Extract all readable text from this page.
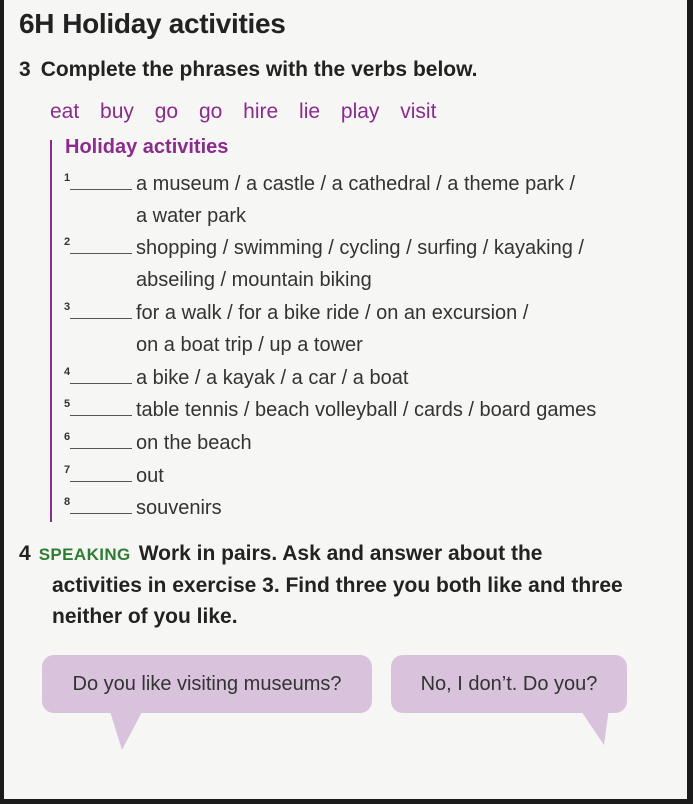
6H Holiday activities
3 Complete the phrases with the verbs below.
eat buy go go hire lie play visit
Holiday activities
1	a museum / a castle / a cathedral / a theme park /
a water park
2	shopping / swimming / cycling / surfing / kayaking /
abseiling / mountain biking
3	for a walk / for a bike ride / on an excursion /
on a boat trip / up a tower
4	a bike / a kayak / a car / a boat
5	table tennis / beach volleyball / cards / board games
6	on the beach
7	out
8	souvenirs
4 SPEAKING Work in pairs. Ask and answer about the
activities in exercise 3. Find three you both like and three
neither of you like.
Do you like visiting museums?	No, I don’t. Do you?
